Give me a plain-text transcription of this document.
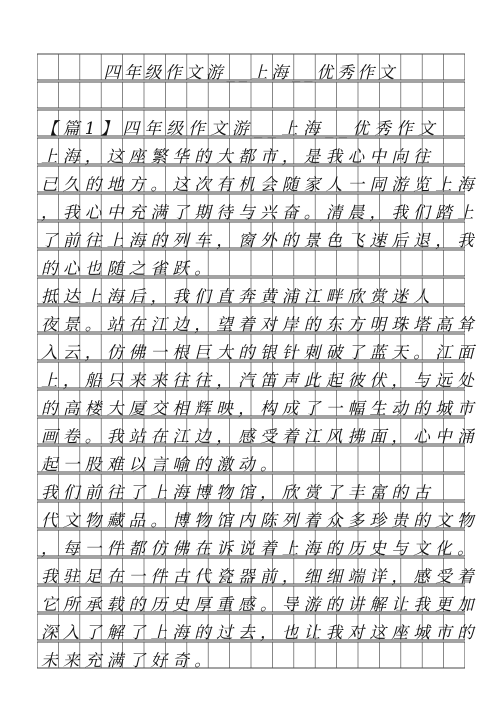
四年级作文游__上海__优秀作文
【篇1】四年级作文游__上海__优秀作文
上海，这座繁华的大都市，是我心中向往
已久的地方。这次有机会随家人一同游览上海
，我心中充满了期待与兴奋。清晨，我们踏上
了前往上海的列车，窗外的景色飞速后退，我
的心也随之雀跃。
抵达上海后，我们直奔黄浦江畔欣赏迷人
夜景。站在江边，望着对岸的东方明珠塔高耸
入云，仿佛一根巨大的银针刺破了蓝天。江面
上，船只来来往往，汽笛声此起彼伏，与远处
的高楼大厦交相辉映，构成了一幅生动的城市
画卷。我站在江边，感受着江风拂面，心中涌
起一股难以言喻的激动。
我们前往了上海博物馆，欣赏了丰富的古
代文物藏品。博物馆内陈列着众多珍贵的文物
，每一件都仿佛在诉说着上海的历史与文化。
我驻足在一件古代瓷器前，细细端详，感受着
它所承载的历史厚重感。导游的讲解让我更加
深入了解了上海的过去，也让我对这座城市的
未来充满了好奇。
